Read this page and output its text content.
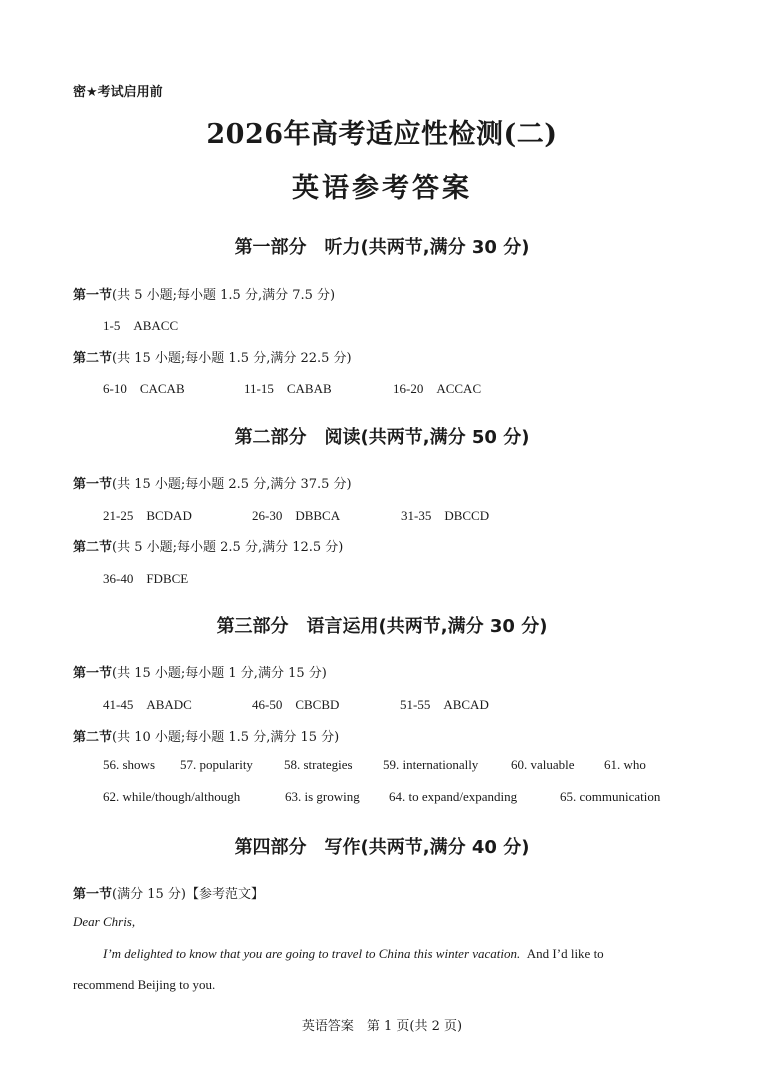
密★考试启用前
2026年高考适应性检测(二)
英语参考答案
第一部分　听力(共两节,满分 30 分)
第一节(共 5 小题;每小题 1.5 分,满分 7.5 分)
1-5　ABACC
第二节(共 15 小题;每小题 1.5 分,满分 22.5 分)
6-10　CACAB	11-15　CABAB	16-20　ACCAC
第二部分　阅读(共两节,满分 50 分)
第一节(共 15 小题;每小题 2.5 分,满分 37.5 分)
21-25　BCDAD	26-30　DBBCA	31-35　DBCCD
第二节(共 5 小题;每小题 2.5 分,满分 12.5 分)
36-40　FDBCE
第三部分　语言运用(共两节,满分 30 分)
第一节(共 15 小题;每小题 1 分,满分 15 分)
41-45　ABADC	46-50　CBCBD	51-55　ABCAD
第二节(共 10 小题;每小题 1.5 分,满分 15 分)
56. shows 57. popularity 58. strategies 59. internationally	60. valuable 61. who
62. while/though/although	63. is growing 64. to expand/expanding	65. communication
第四部分　写作(共两节,满分 40 分)
第一节(满分 15 分)【参考范文】
Dear Chris,
I’m delighted to know that you are going to travel to China this winter vacation. And I’d like to
recommend Beijing to you.
英语答案　第 1 页(共 2 页)
